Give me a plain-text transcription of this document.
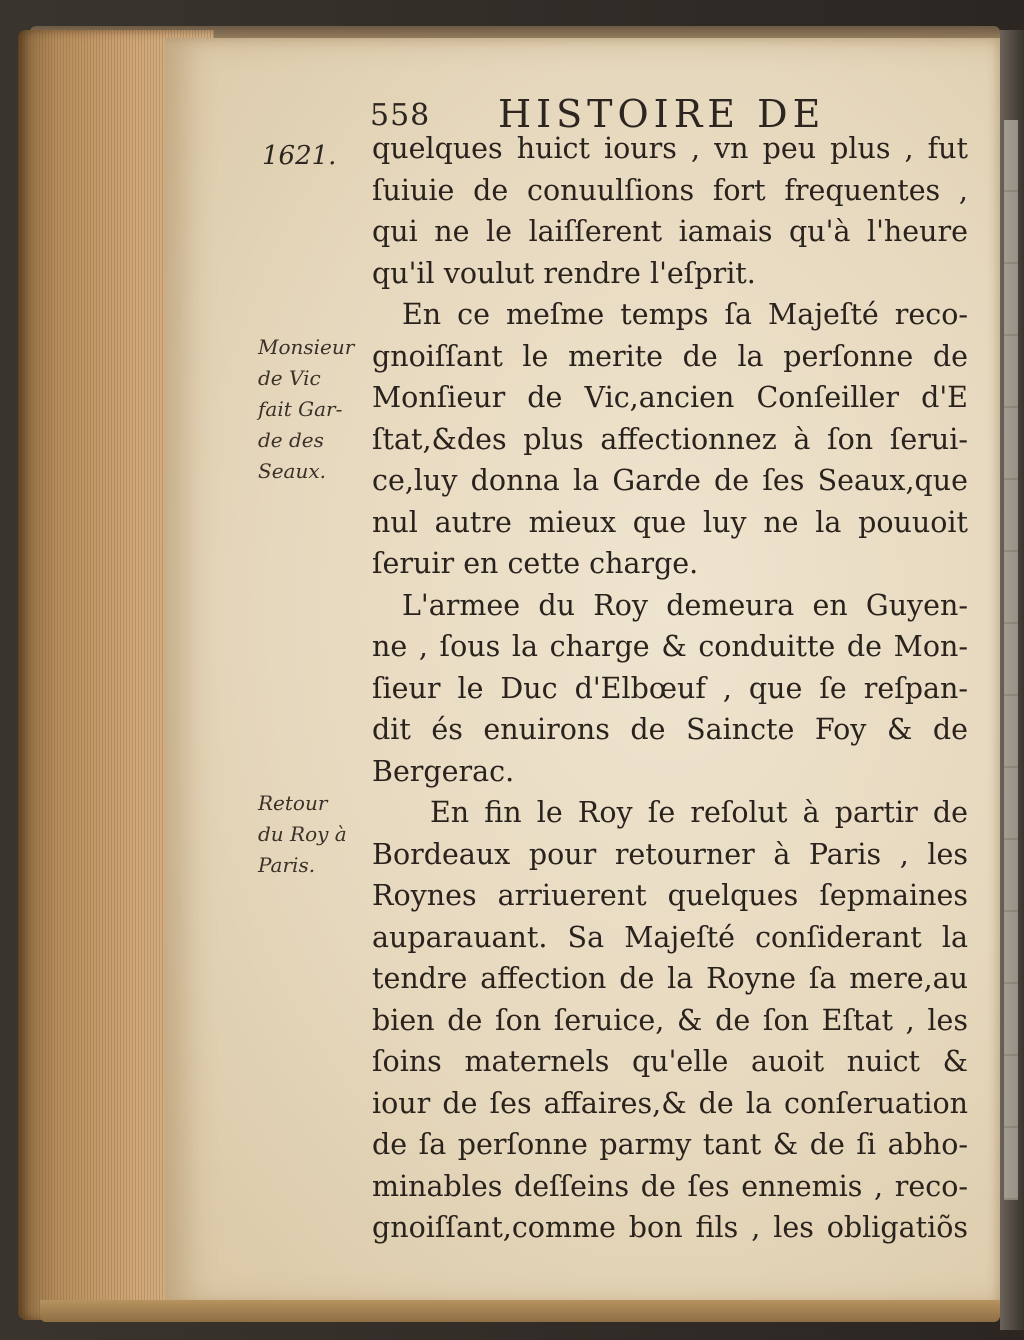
558 HISTOIRE DE
1621.
Monsieur
de Vic
fait Gar-
de des
Seaux.
Retour
du Roy à
Paris.
quelques huict iours , vn peu plus , fut
ſuiuie de conuulſions fort frequentes ,
qui ne le laiſſerent iamais qu'à l'heure
qu'il voulut rendre l'eſprit.
En ce meſme temps ſa Majeſté reco-
gnoiſſant le merite de la perſonne de
Monſieur de Vic,ancien Conſeiller d'E
ſtat,&des plus affectionnez à ſon ſerui-
ce,luy donna la Garde de ſes Seaux,que
nul autre mieux que luy ne la pouuoit
ſeruir en cette charge.
L'armee du Roy demeura en Guyen-
ne , ſous la charge & conduitte de Mon-
ſieur le Duc d'Elbœuf , que ſe reſpan-
dit és enuirons de Saincte Foy & de
Bergerac.
En fin le Roy ſe reſolut à partir de
Bordeaux pour retourner à Paris , les
Roynes arriuerent quelques ſepmaines
auparauant. Sa Majeſté conſiderant la
tendre affection de la Royne ſa mere,au
bien de ſon ſeruice, & de ſon Eſtat , les
ſoins maternels qu'elle auoit nuict &
iour de ſes affaires,& de la conſeruation
de ſa perſonne parmy tant & de ſi abho-
minables deſſeins de ſes ennemis , reco-
gnoiſſant,comme bon fils , les obligatiõs
